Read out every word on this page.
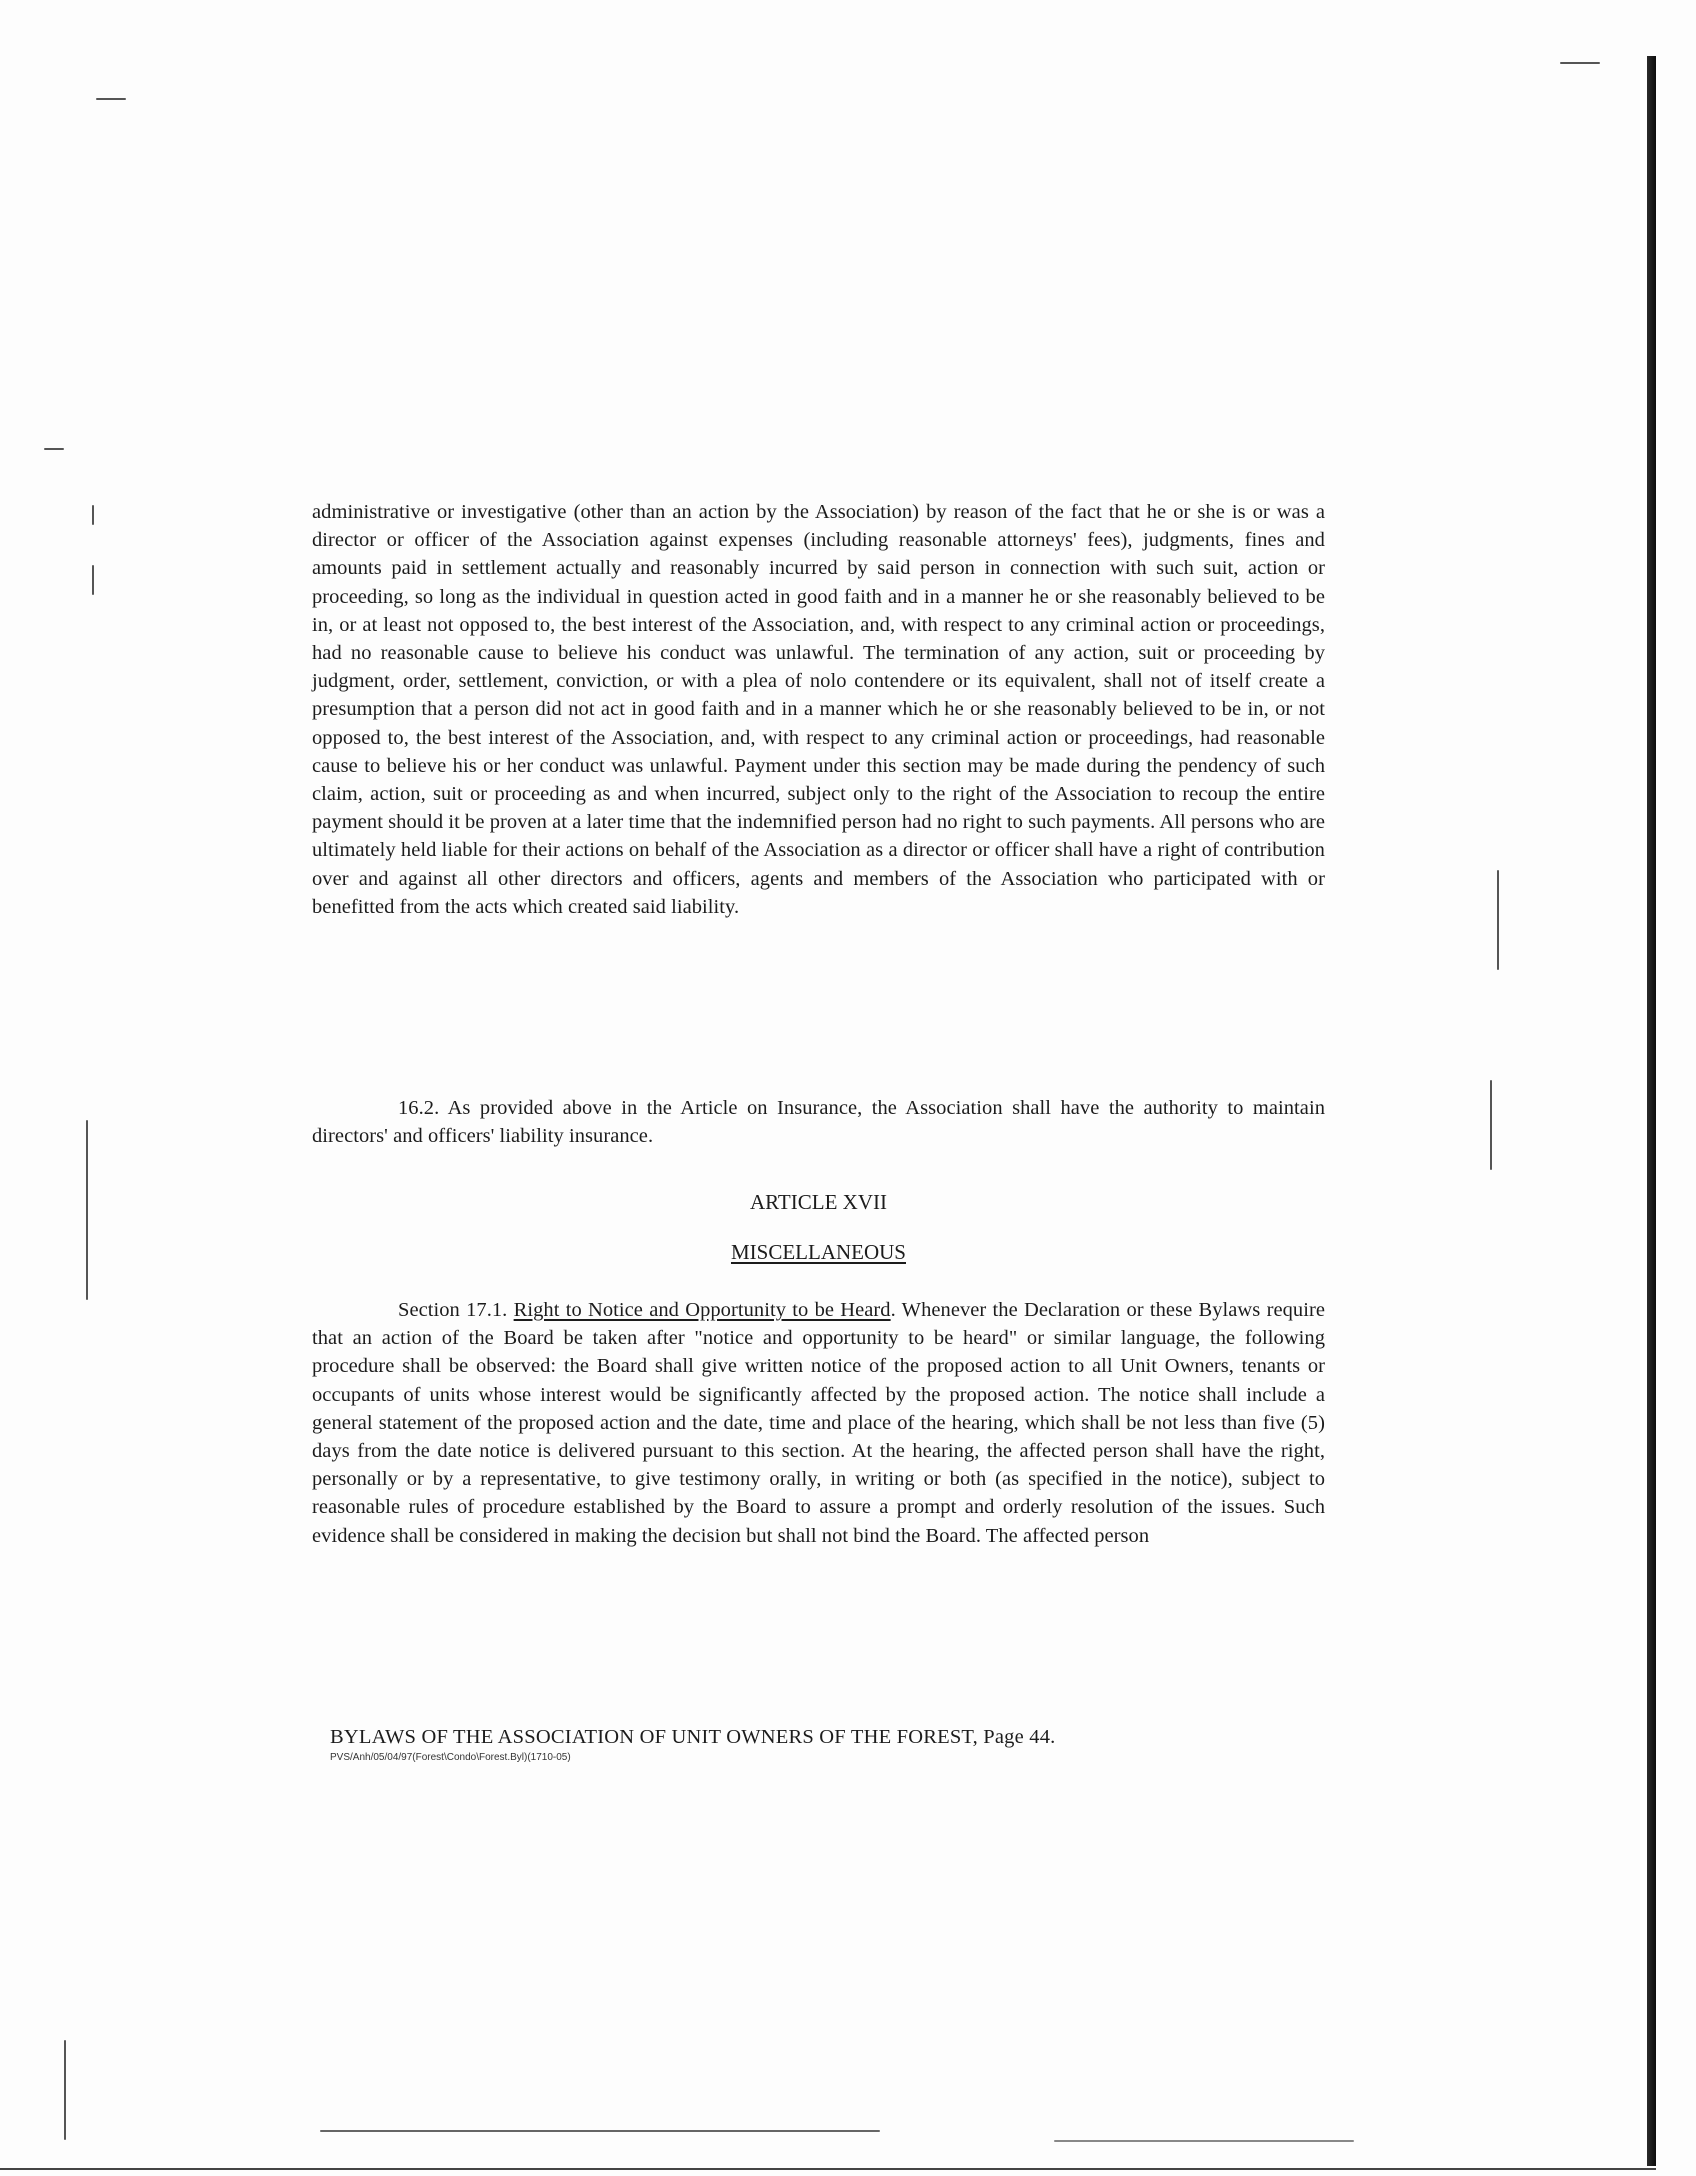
administrative or investigative (other than an action by the Association) by reason of the fact that he or she is or was a director or officer of the Association against expenses (including reasonable attorneys' fees), judgments, fines and amounts paid in settlement actually and reasonably incurred by said person in connection with such suit, action or proceeding, so long as the individual in question acted in good faith and in a manner he or she reasonably believed to be in, or at least not opposed to, the best interest of the Association, and, with respect to any criminal action or proceedings, had no reasonable cause to believe his conduct was unlawful. The termination of any action, suit or proceeding by judgment, order, settlement, conviction, or with a plea of nolo contendere or its equivalent, shall not of itself create a presumption that a person did not act in good faith and in a manner which he or she reasonably believed to be in, or not opposed to, the best interest of the Association, and, with respect to any criminal action or proceedings, had reasonable cause to believe his or her conduct was unlawful. Payment under this section may be made during the pendency of such claim, action, suit or proceeding as and when incurred, subject only to the right of the Association to recoup the entire payment should it be proven at a later time that the indemnified person had no right to such payments. All persons who are ultimately held liable for their actions on behalf of the Association as a director or officer shall have a right of contribution over and against all other directors and officers, agents and members of the Association who participated with or benefitted from the acts which created said liability.
16.2. As provided above in the Article on Insurance, the Association shall have the authority to maintain directors' and officers' liability insurance.
ARTICLE XVII
MISCELLANEOUS
Section 17.1. Right to Notice and Opportunity to be Heard. Whenever the Declaration or these Bylaws require that an action of the Board be taken after "notice and opportunity to be heard" or similar language, the following procedure shall be observed: the Board shall give written notice of the proposed action to all Unit Owners, tenants or occupants of units whose interest would be significantly affected by the proposed action. The notice shall include a general statement of the proposed action and the date, time and place of the hearing, which shall be not less than five (5) days from the date notice is delivered pursuant to this section. At the hearing, the affected person shall have the right, personally or by a representative, to give testimony orally, in writing or both (as specified in the notice), subject to reasonable rules of procedure established by the Board to assure a prompt and orderly resolution of the issues. Such evidence shall be considered in making the decision but shall not bind the Board. The affected person
BYLAWS OF THE ASSOCIATION OF UNIT OWNERS OF THE FOREST, Page 44.
PVS/Anh/05/04/97(Forest\Condo\Forest.Byl)(1710-05)
